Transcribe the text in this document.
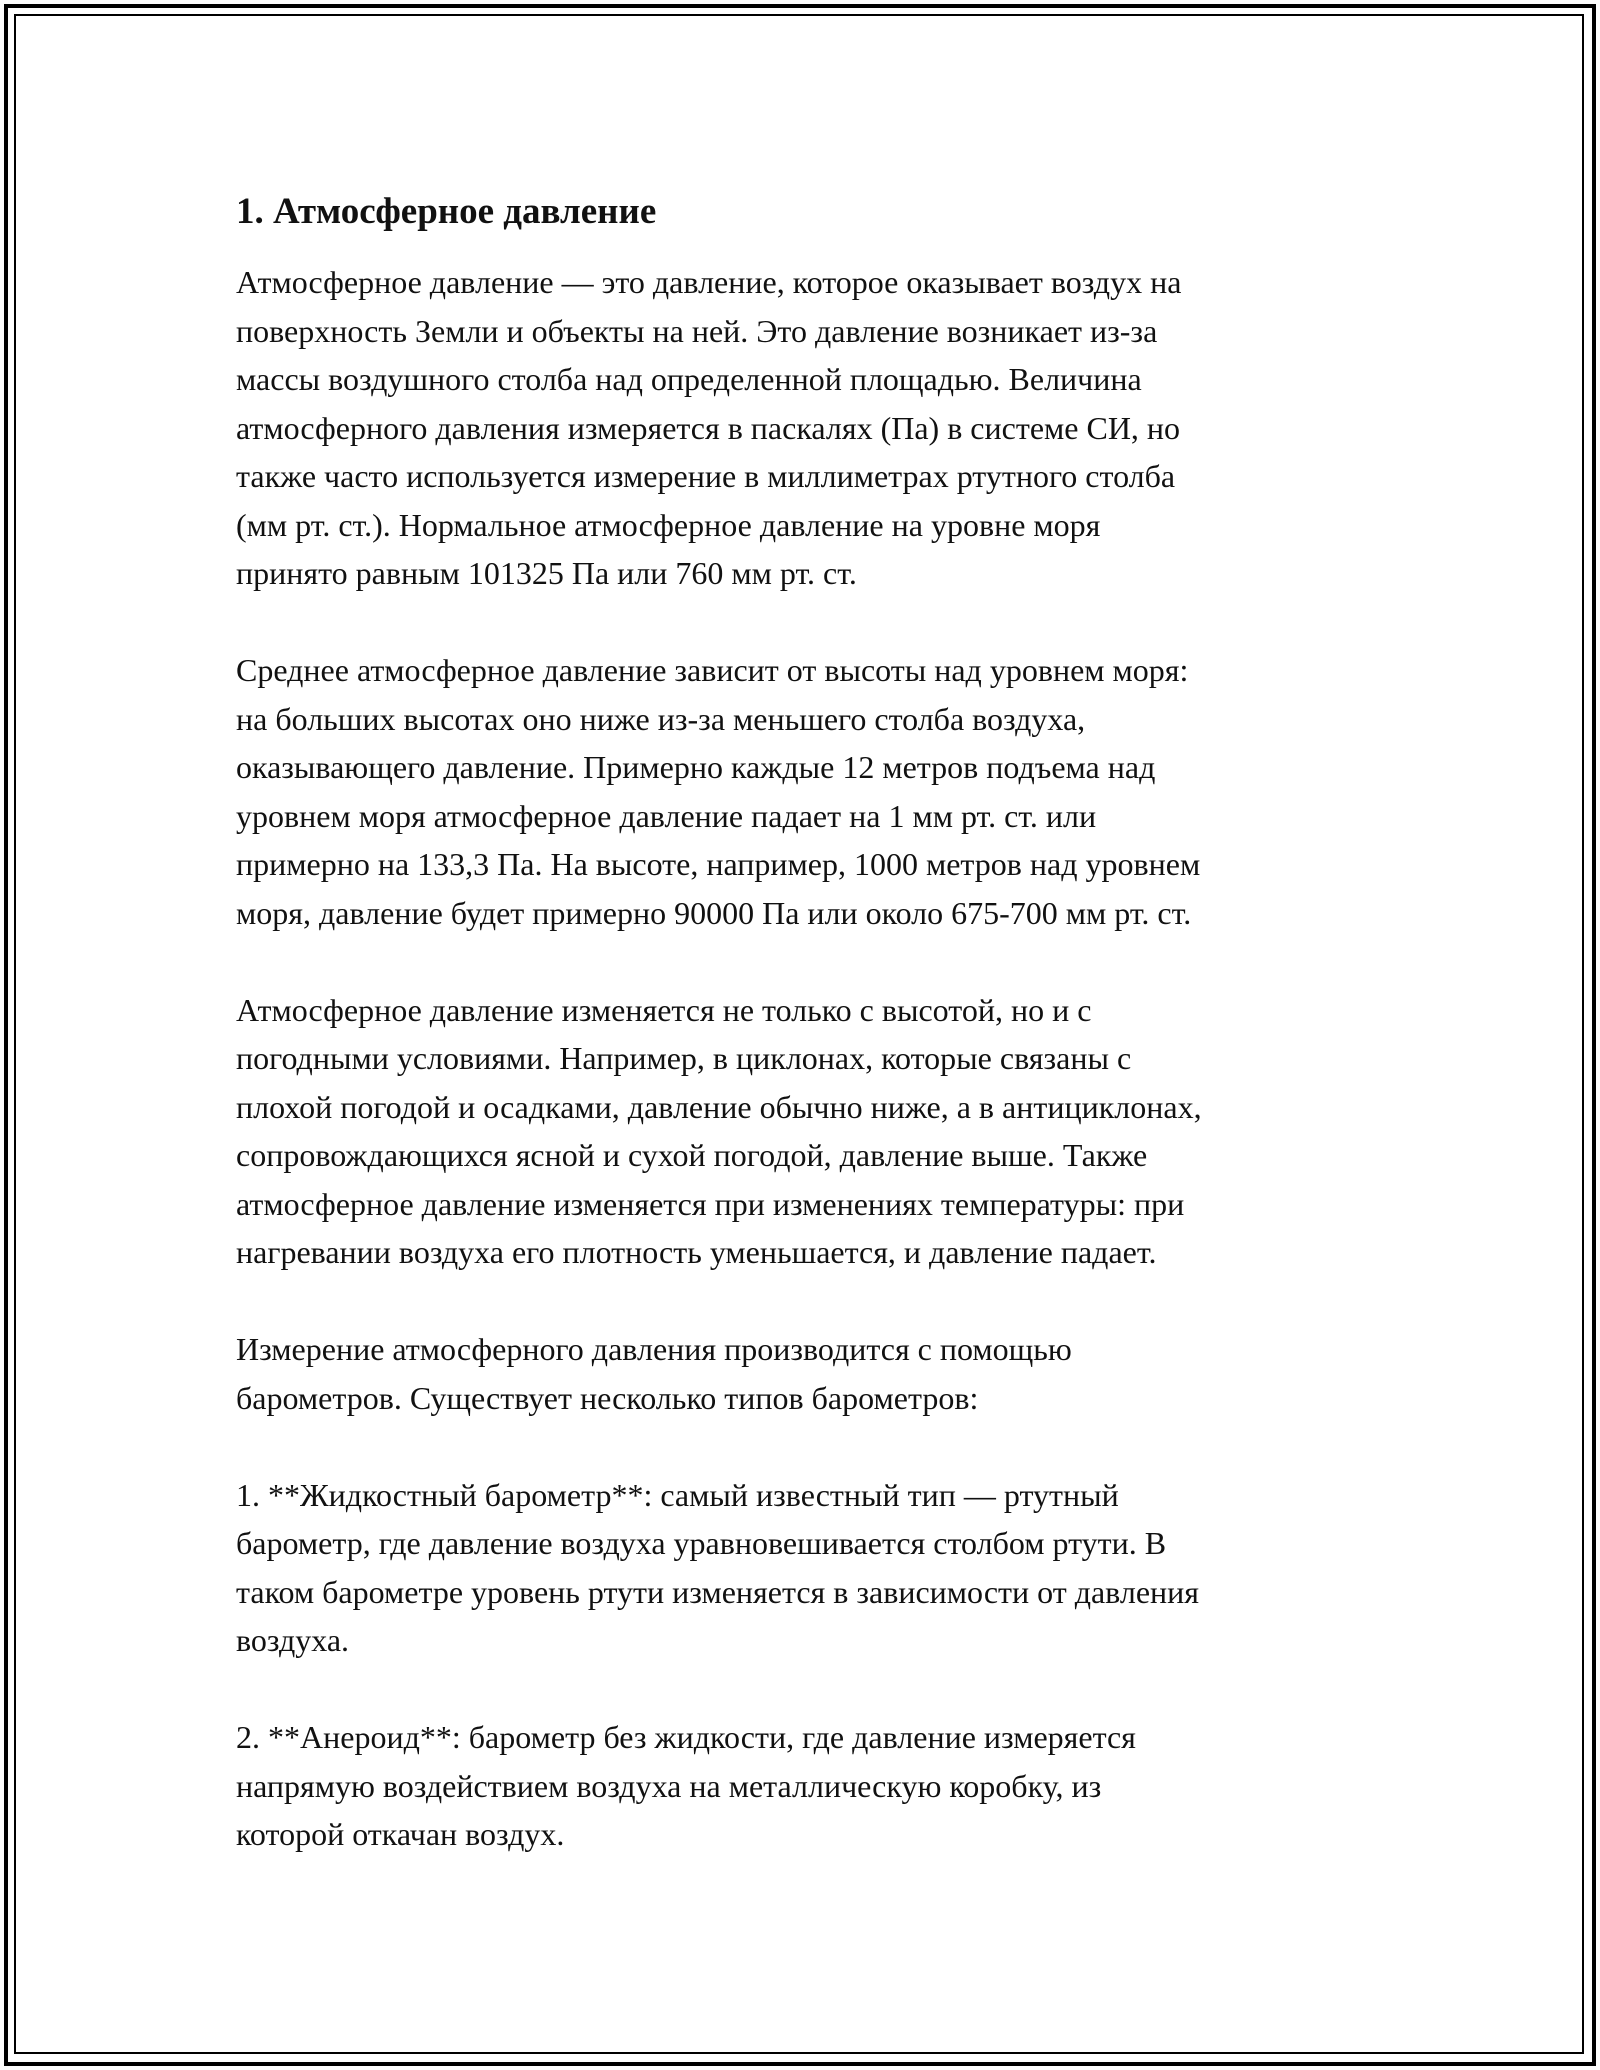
1. Атмосферное давление

Атмосферное давление — это давление, которое оказывает воздух на
поверхность Земли и объекты на ней. Это давление возникает из-за
массы воздушного столба над определенной площадью. Величина
атмосферного давления измеряется в паскалях (Па) в системе СИ, но
также часто используется измерение в миллиметрах ртутного столба
(мм рт. ст.). Нормальное атмосферное давление на уровне моря
принято равным 101325 Па или 760 мм рт. ст.

Среднее атмосферное давление зависит от высоты над уровнем моря:
на больших высотах оно ниже из-за меньшего столба воздуха,
оказывающего давление. Примерно каждые 12 метров подъема над
уровнем моря атмосферное давление падает на 1 мм рт. ст. или
примерно на 133,3 Па. На высоте, например, 1000 метров над уровнем
моря, давление будет примерно 90000 Па или около 675-700 мм рт. ст.

Атмосферное давление изменяется не только с высотой, но и с
погодными условиями. Например, в циклонах, которые связаны с
плохой погодой и осадками, давление обычно ниже, а в антициклонах,
сопровождающихся ясной и сухой погодой, давление выше. Также
атмосферное давление изменяется при изменениях температуры: при
нагревании воздуха его плотность уменьшается, и давление падает.

Измерение атмосферного давления производится с помощью
барометров. Существует несколько типов барометров:

1. **Жидкостный барометр**: самый известный тип — ртутный
барометр, где давление воздуха уравновешивается столбом ртути. В
таком барометре уровень ртути изменяется в зависимости от давления
воздуха.

2. **Анероид**: барометр без жидкости, где давление измеряется
напрямую воздействием воздуха на металлическую коробку, из
которой откачан воздух.
